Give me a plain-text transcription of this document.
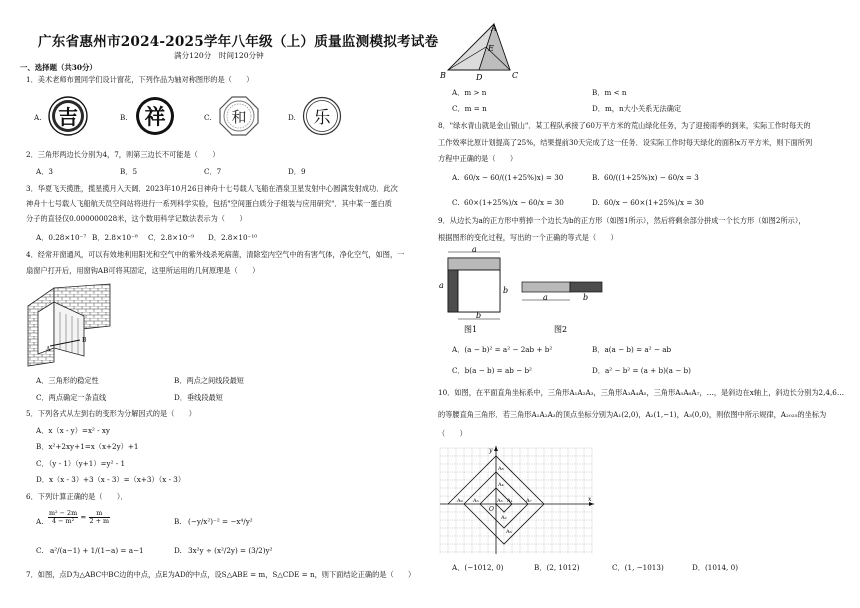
广东省惠州市2024-2025学年八年级（上）质量监测模拟考试卷
满分120分　时间120分钟
一、选择题（共30分）
1．美术老师布置同学们设计窗花，下列作品为轴对称图形的是（　　）
A. 吉	B. 祥	C. 和	D. 乐
2．三角形两边长分别为4，7，则第三边长不可能是（　　）
A．3	B．5	C．7	D．9
3．华夏飞天揽胜，揽星揽月入天阔．2023年10月26日神舟十七号载人飞船在酒泉卫星发射中心圆满发射成功．此次
神舟十七号载人飞船航天员空间站将进行一系列科学实验，包括"空间蛋白质分子组装与应用研究"．其中某一蛋白质
分子的直径仅0.000000028米，这个数用科学记数法表示为（　　）
A．0.28×10⁻⁷ B．2.8×10⁻⁸ C．2.8×10⁻⁹ D．2.8×10⁻¹⁰
4．经常开窗通风，可以有效地利用阳光和空气中的紫外线杀死病菌，清除室内空气中的有害气体，净化空气，如图，一
扇窗户打开后，用窗钩AB可将其固定，这里所运用的几何原理是（　　）
A
B
A．三角形的稳定性	B．两点之间线段最短
C．两点确定一条直线	D．垂线段最短
5．下列各式从左到右的变形为分解因式的是（　　）
A．x（x - y）=x² - xy
B．x²+2xy+1=x（x+2y）+1
C．（y - 1）（y+1）=y² - 1
D．x（x - 3）+3（x - 3）=（x+3）（x - 3）
6．下列计算正确的是（　　）．
A. $\frac{\text{m² − 2m}}{\text{4 − m²}} = \frac{m}{2 + m}$	B. (−y/x²)⁻² = −x⁴/y²
C. a²/(a−1) + 1/(1−a) = a−1	D. 3x²y ÷ (x²/2y) = (3/2)y²
7．如图，点D为△ABC中BC边的中点，点E为AD的中点，设S△ABE = m，S△CDE = n，则下面结论正确的是（　　）
A
E
B	D	C
A．m > n	B．m < n
C．m = n	D．m，n大小关系无法确定
8．"绿水青山就是金山银山"．某工程队承接了60万平方米的荒山绿化任务，为了迎接雨季的到来，实际工作时每天的
工作效率比原计划提高了25%，结果提前30天完成了这一任务．设实际工作时每天绿化的面积x万平方米，则下面所列
方程中正确的是（　　）
A. 60/x − 60/((1+25%)x) = 30	B. 60/((1+25%)x) − 60/x = 3
C. 60×(1+25%)/x − 60/x = 30	D. 60/x − 60×(1+25%)/x = 30
9．从边长为a的正方形中剪掉一个边长为b的正方形（如图1所示），然后将剩余部分拼成一个长方形（如图2所示），
根据图形的变化过程，写出的一个正确的等式是（　　）
a
a
b
b
图1
a	b
图2
A．(a − b)² = a² − 2ab + b²	B．a(a − b) = a² − ab
C．b(a − b) = ab − b²	D．a² − b² = (a + b)(a − b)
10．如图，在平面直角坐标系中，三角形A₁A₂A₃，三角形A₃A₄A₅，三角形A₅A₆A₇，…，是斜边在x轴上，斜边长分别为2,4,6…
的等腰直角三角形．若三角形A₁A₂A₃的顶点坐标分别为A₁(2,0)，A₂(1,−1)，A₃(0,0)，则依图中所示规律，A₂₀₂₅的坐标为
（　　）
x
y
O
A₁
A₂
A₃
A₄
A₅
A₆
A₇
A₈
A₉
A．(−1012, 0)	B．(2, 1012)	C．(1, −1013)	D．(1014, 0)
